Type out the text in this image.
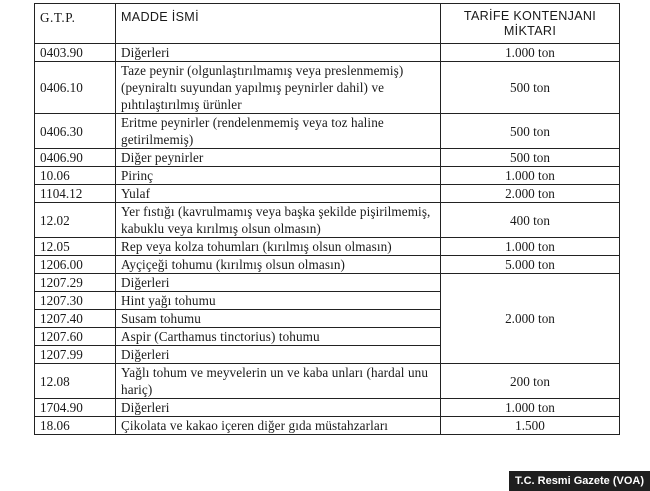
G.T.P.	MADDE İSMİ	TARİFE KONTENJANI
MİKTARI

0403.90	Diğerleri	1.000 ton
0406.10	Taze peynir (olgunlaştırılmamış veya preslenmemiş) (peyniraltı suyundan yapılmış peynirler dahil) ve pıhtılaştırılmış ürünler	500 ton
0406.30	Eritme peynirler (rendelenmemiş veya toz haline getirilmemiş)	500 ton
0406.90	Diğer peynirler	500 ton
10.06	Pirinç	1.000 ton
1104.12	Yulaf	2.000 ton
12.02	Yer fıstığı (kavrulmamış veya başka şekilde pişirilmemiş, kabuklu veya kırılmış olsun olmasın)	400 ton
12.05	Rep veya kolza tohumları (kırılmış olsun olmasın)	1.000 ton
1206.00	Ayçiçeği tohumu (kırılmış olsun olmasın)	5.000 ton
1207.29	Diğerleri	2.000 ton
1207.30	Hint yağı tohumu	
1207.40	Susam tohumu	
1207.60	Aspir (Carthamus tinctorius) tohumu	
1207.99	Diğerleri	
12.08	Yağlı tohum ve meyvelerin un ve kaba unları (hardal unu hariç)	200 ton
1704.90	Diğerleri	1.000 ton
18.06	Çikolata ve kakao içeren diğer gıda müstahzarları	1.500
T.C. Resmi Gazete (VOA)
